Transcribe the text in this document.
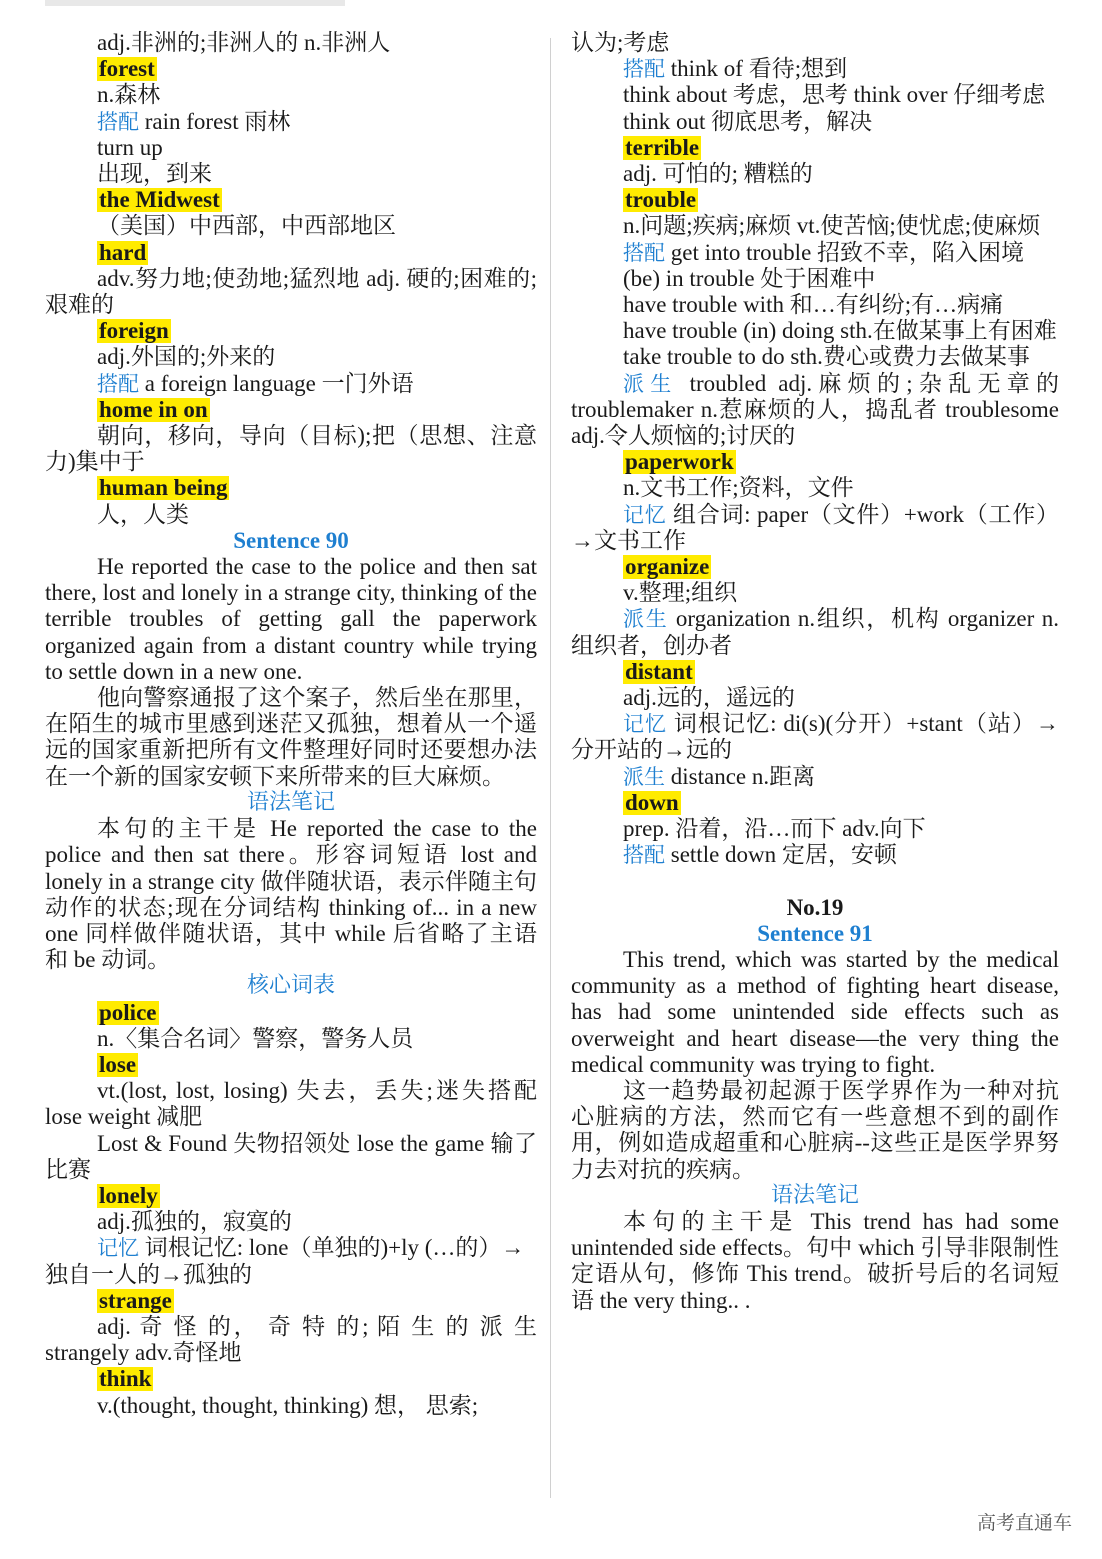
adj.非洲的;非洲人的 n.非洲人
forest
n.森林
搭配 rain forest 雨林
turn up
出现，到来
the Midwest
（美国）中西部，中西部地区
hard
adv.努力地;使劲地;猛烈地 adj. 硬的;困难的;艰难的
foreign
adj.外国的;外来的
搭配 a foreign language 一门外语
home in on
朝向，移向，导向（目标);把（思想、注意力)集中于
human being
人，人类
Sentence 90
He reported the case to the police and then sat there, lost and lonely in a strange city, thinking of the terrible troubles of getting gall the paperwork organized again from a distant country while trying to settle down in a new one.
他向警察通报了这个案子，然后坐在那里，在陌生的城市里感到迷茫又孤独，想着从一个遥远的国家重新把所有文件整理好同时还要想办法在一个新的国家安顿下来所带来的巨大麻烦。
语法笔记
本句的主干是 He reported the case to the police and then sat there。形容词短语 lost and lonely in a strange city 做伴随状语，表示伴随主句动作的状态;现在分词结构 thinking of... in a new one 同样做伴随状语，其中 while 后省略了主语和 be 动词。
核心词表
police
n.〈集合名词〉警察，警务人员
lose
vt.(lost, lost, losing) 失去，丢失;迷失搭配 lose weight 减肥
Lost & Found 失物招领处 lose the game 输了比赛
lonely
adj.孤独的，寂寞的
记忆 词根记忆: lone（单独的)+ly (…的）→独自一人的→孤独的
strange
adj. 奇 怪 的， 奇 特 的; 陌 生 的 派 生 strangely adv.奇怪地
think
v.(thought, thought, thinking) 想， 思索;
认为;考虑
搭配 think of 看待;想到
think about 考虑，思考 think over 仔细考虑
think out 彻底思考，解决
terrible
adj. 可怕的; 糟糕的
trouble
n.问题;疾病;麻烦 vt.使苦恼;使忧虑;使麻烦
搭配 get into trouble 招致不幸，陷入困境
(be) in trouble 处于困难中
have trouble with 和…有纠纷;有…病痛
have trouble (in) doing sth.在做某事上有困难
take trouble to do sth.费心或费力去做某事
派生 troubled adj.麻烦的;杂乱无章的 troublemaker n.惹麻烦的人，捣乱者 troublesome adj.令人烦恼的;讨厌的
paperwork
n.文书工作;资料，文件
记忆 组合词: paper（文件）+work（工作）→文书工作
organize
v.整理;组织
派生 organization n.组织，机构 organizer n.组织者，创办者
distant
adj.远的，遥远的
记忆 词根记忆: di(s)(分开）+stant（站）→分开站的→远的
派生 distance n.距离
down
prep. 沿着，沿…而下 adv.向下
搭配 settle down 定居，安顿
No.19
Sentence 91
This trend, which was started by the medical community as a method of fighting heart disease, has had some unintended side effects such as overweight and heart disease—the very thing the medical community was trying to fight.
这一趋势最初起源于医学界作为一种对抗心脏病的方法，然而它有一些意想不到的副作用，例如造成超重和心脏病--这些正是医学界努力去对抗的疾病。
语法笔记
本句的主干是 This trend has had some unintended side effects。句中 which 引导非限制性定语从句，修饰 This trend。破折号后的名词短语 the very thing.. .
高考直通车
